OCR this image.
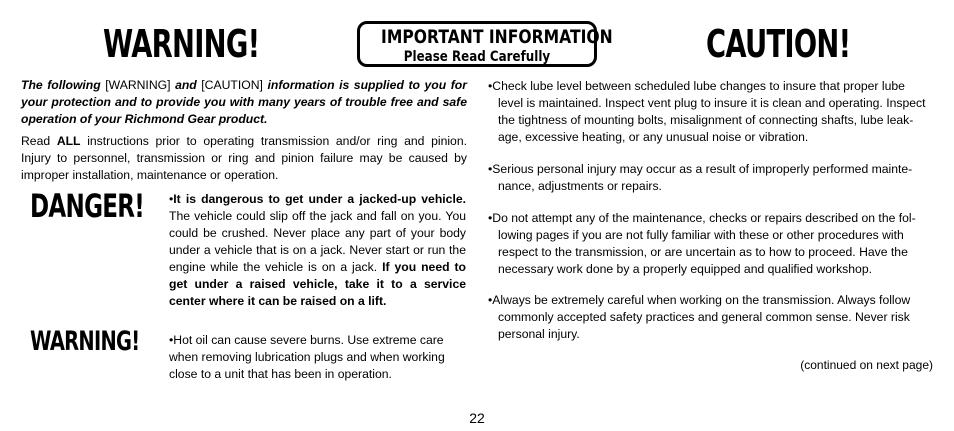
WARNING!	CAUTION!
IMPORTANT INFORMATION
Please Read Carefully
The following [WARNING] and [CAUTION] information is supplied to you for your protection and to provide you with many years of trouble free and safe operation of your Richmond Gear product.
Read ALL instructions prior to operating transmission and/or ring and pinion. Injury to personnel, transmission or ring and pinion failure may be caused by improper installation, maintenance or operation.
DANGER! •It is dangerous to get under a jacked-up vehicle. The vehicle could slip off the jack and fall on you. You could be crushed. Never place any part of your body under a vehicle that is on a jack. Never start or run the engine while the vehicle is on a jack. If you need to get under a raised vehicle, take it to a service center where it can be raised on a lift.
WARNING! •Hot oil can cause severe burns. Use extreme care when removing lubrication plugs and when working close to a unit that has been in operation.
•Check lube level between scheduled lube changes to insure that proper lube
level is maintained. Inspect vent plug to insure it is clean and operating. Inspect the tightness of mounting bolts, misalignment of connecting shafts, lube leak-age, excessive heating, or any unusual noise or vibration.
•Serious personal injury may occur as a result of improperly performed mainte-
nance, adjustments or repairs.
•Do not attempt any of the maintenance, checks or repairs described on the fol-
lowing pages if you are not fully familiar with these or other procedures with respect to the transmission, or are uncertain as to how to proceed. Have the necessary work done by a properly equipped and qualified workshop.
•Always be extremely careful when working on the transmission. Always follow
commonly accepted safety practices and general common sense. Never risk personal injury.
(continued on next page)
22
